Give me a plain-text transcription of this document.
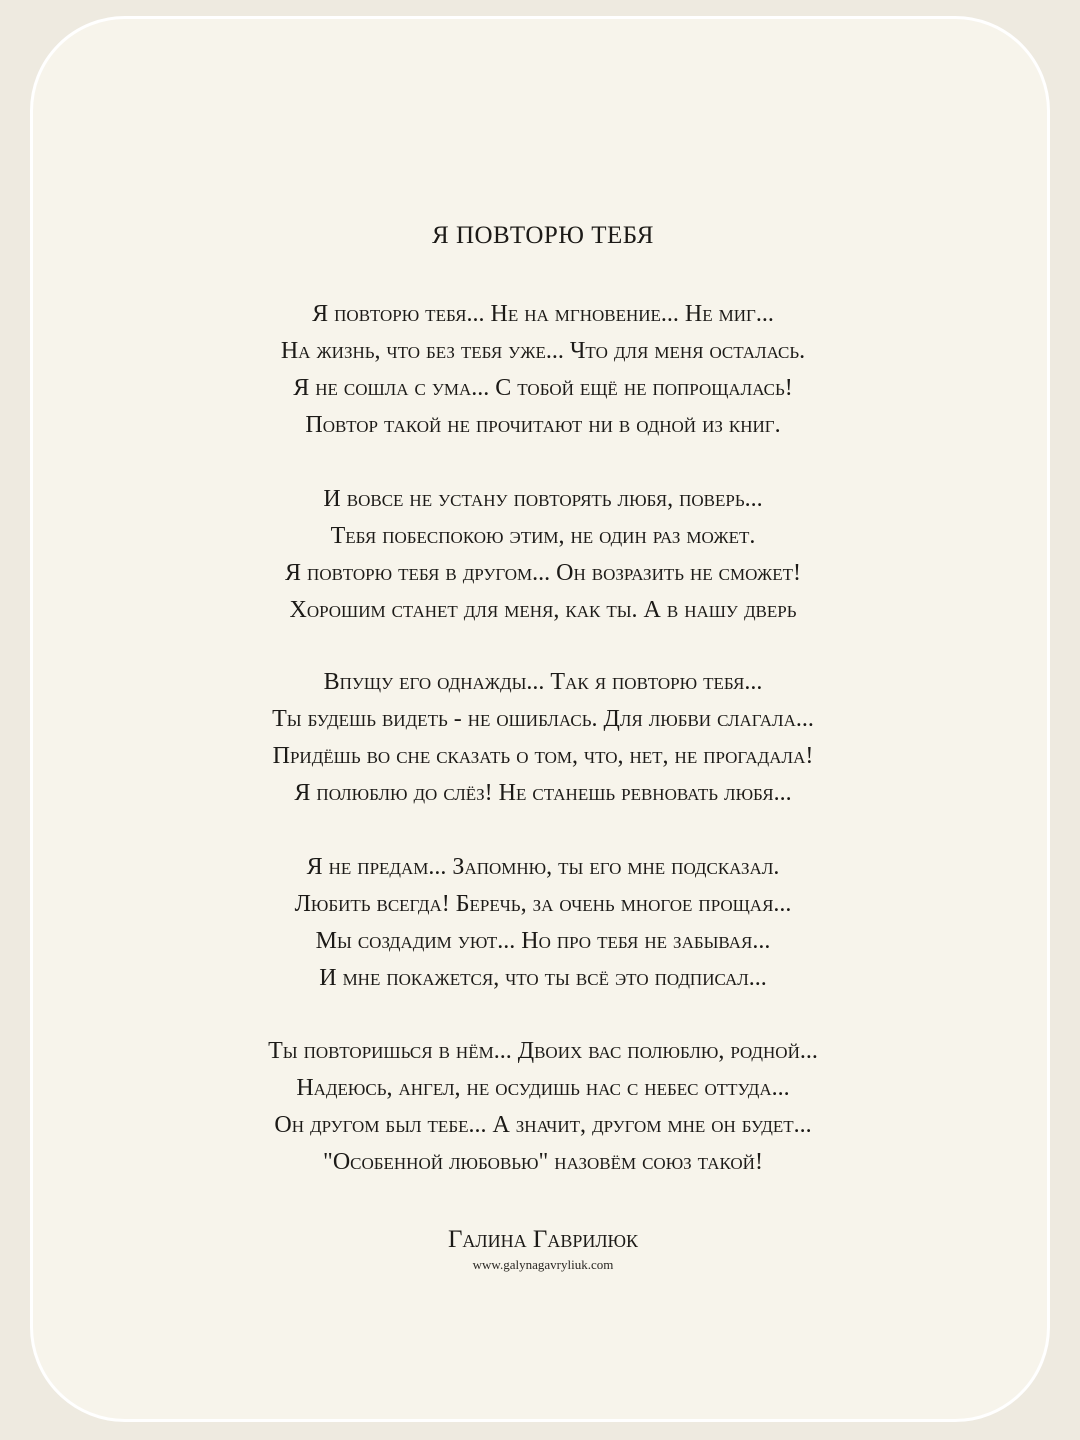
Я ПОВТОРЮ ТЕБЯ
Я повторю тебя... Не на мгновение... Не миг...
На жизнь, что без тебя уже... Что для меня осталась.
Я не сошла с ума... С тобой ещё не попрощалась!
Повтор такой не прочитают ни в одной из книг.
И вовсе не устану повторять любя, поверь...
Тебя побеспокою этим, не один раз может.
Я повторю тебя в другом... Он возразить не сможет!
Хорошим станет для меня, как ты. А в нашу дверь
Впущу его однажды... Так я повторю тебя...
Ты будешь видеть - не ошиблась. Для любви слагала...
Придёшь во сне сказать о том, что, нет, не прогадала!
Я полюблю до слёз! Не станешь ревновать любя...
Я не предам... Запомню, ты его мне подсказал.
Любить всегда! Беречь, за очень многое прощая...
Мы создадим уют... Но про тебя не забывая...
И мне покажется, что ты всё это подписал...
Ты повторишься в нём... Двоих вас полюблю, родной...
Надеюсь, ангел, не осудишь нас с небес оттуда...
Он другом был тебе... А значит, другом мне он будет...
"Особенной любовью" назовём союз такой!
Галина Гаврилюк
www.galynagavryliuk.com
